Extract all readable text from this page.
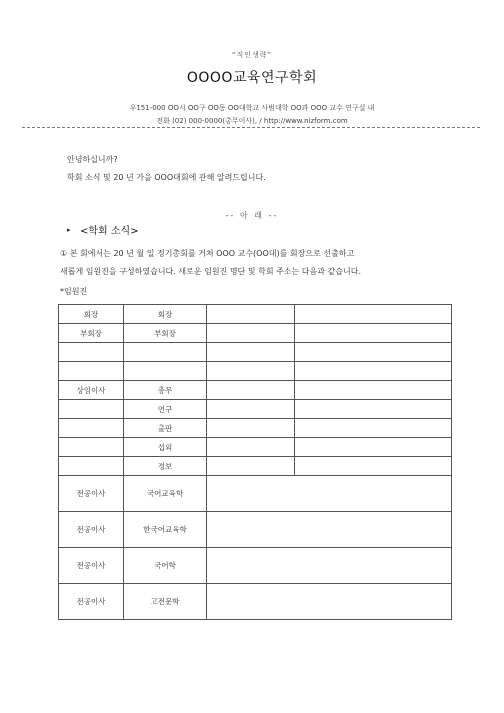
“직인생략”
OOOO교육연구학회
우151-000 OO시 OO구 OO동 OO대학교 사범대학 OO과 OOO 교수 연구실 내
전화 (02) 000-0000(총무이사), / http://www.nizform.com
안녕하십니까?
학회 소식 및 20 년 가을 OOO대회에 관해 알려드립니다.
-- 아 래 --
▸ <학회 소식>
① 본 회에서는 20 년 월 일 정기총회를 거쳐 OOO 교수(OO대)를 회장으로 선출하고
새롭게 임원진을 구성하였습니다. 새로운 임원진 명단 및 학회 주소는 다음과 같습니다.
*임원진
회장	회장		
부회장	부회장		

상임이사	총무		
	연구		
	출판		
	섭외		
	정보		
전공이사	국어교육학		
전공이사	한국어교육학		
전공이사	국어학		
전공이사	고전문학		
